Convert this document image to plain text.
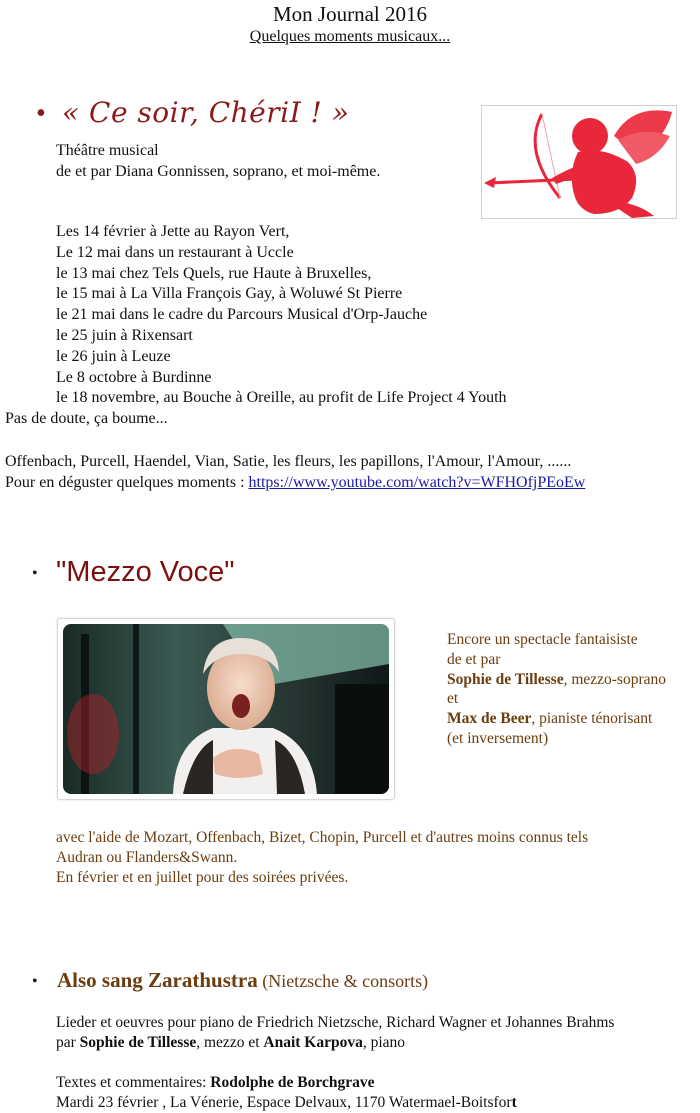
Mon Journal 2016
Quelques moments musicaux...
• « Ce soir, ChériI ! »
Théâtre musical
de et par Diana Gonnissen, soprano, et moi-même.
Les 14 février à Jette au Rayon Vert,
Le 12 mai dans un restaurant à Uccle
le 13 mai chez Tels Quels, rue Haute à Bruxelles,
le 15 mai à La Villa François Gay, à Woluwé St Pierre
le 21 mai dans le cadre du Parcours Musical d'Orp-Jauche
le 25 juin à Rixensart
le 26 juin à Leuze
Le 8 octobre à Burdinne
le 18 novembre, au Bouche à Oreille, au profit de Life Project 4 Youth
Pas de doute, ça boume...
Offenbach, Purcell, Haendel, Vian, Satie, les fleurs, les papillons, l'Amour, l'Amour, ......
Pour en déguster quelques moments : https://www.youtube.com/watch?v=WFHOfjPEoEw
• "Mezzo Voce"
Encore un spectacle fantaisiste
de et par
Sophie de Tillesse, mezzo-soprano
et
Max de Beer, pianiste ténorisant
(et inversement)
avec l'aide de Mozart, Offenbach, Bizet, Chopin, Purcell et d'autres moins connus tels
Audran ou Flanders&Swann.
En février et en juillet pour des soirées privées.
• Also sang Zarathustra (Nietzsche & consorts)
Lieder et oeuvres pour piano de Friedrich Nietzsche, Richard Wagner et Johannes Brahms
par Sophie de Tillesse, mezzo et Anait Karpova, piano
Textes et commentaires: Rodolphe de Borchgrave
Mardi 23 février , La Vénerie, Espace Delvaux, 1170 Watermael-Boitsfort
